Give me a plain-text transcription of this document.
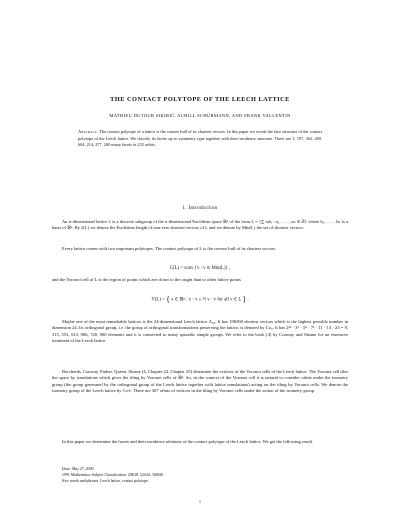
THE CONTACT POLYTOPE OF THE LEECH LATTICE
MATHIEU DUTOUR SIKIRIĆ, ACHILL SCHÜRMANN, AND FRANK VALLENTIN
Abstract. The contact polytope of a lattice is the convex hull of its shortest vectors. In this paper we reveal the face structure of the contact polytope of the Leech lattice. We classify its facets up to symmetry type together with their incidence structure. There are 1, 197, 362, 269, 604, 214, 277, 200 many facets in 232 orbits.
1. Introduction
An n-dimensional lattice L is a discrete subgroup of the n-dimensional Euclidean space ℝⁿ of the form L = {∑ αᵢbᵢ : α₁, . . . , αₙ ∈ ℤ} where b₁, . . . , bₙ is a basis of ℝⁿ. By λ(L) we denote the Euclidean length of non-zero shortest vectors of L and we denote by Min(L) the set of shortest vectors.
Every lattice comes with two important polytopes: The contact polytope of L is the convex hull of its shortest vectors
C(L) = conv {v : v ∈ Min(L)} ,
and the Voronoi cell of L is the region of points which are closer to the origin than to other lattice points
V(L) = { x ∈ ℝⁿ : x · v ≤ ½ v · v for all v ∈ L } .
Maybe one of the most remarkable lattices is the 24-dimensional Leech lattice Λ₂₄. It has 196560 shortest vectors which is the highest possible number in dimension 24. Its orthogonal group, i.e. the group of orthogonal transformations preserving the lattice, is denoted by Co₀. It has 2²² · 3⁹ · 5⁴ · 7² · 11 · 13 · 23 = 8, 315, 553, 613, 086, 720, 000 elements and it is connected to many sporadic simple groups. We refer to the book [4] by Conway and Sloane for an extensive treatment of the Leech lattice.
Borcherds, Conway, Parker, Queen, Sloane [4, Chapter 23, Chapter 25] determine the vertices of the Voronoi cells of the Leech lattice. The Voronoi cell tiles the space by translations which gives the tiling by Voronoi cells of ℝⁿ. So, in the context of the Voronoi cell it is natural to consider orbits under the isometry group (the group generated by the orthogonal group of the Leech lattice together with lattice translations) acting on the tiling by Voronoi cells. We denote the isometry group of the Leech lattice by Co∞. There are 307 orbits of vertices in the tiling by Voronoi cells under the action of the isometry group.
In this paper we determine the facets and their incidence relations of the contact polytope of the Leech lattice. We get the following result.

Date: May 27, 2009.

1991 Mathematics Subject Classification. 20E38, 52A43, 94B40.

Key words and phrases. Leech lattice, contact polytope.

1
